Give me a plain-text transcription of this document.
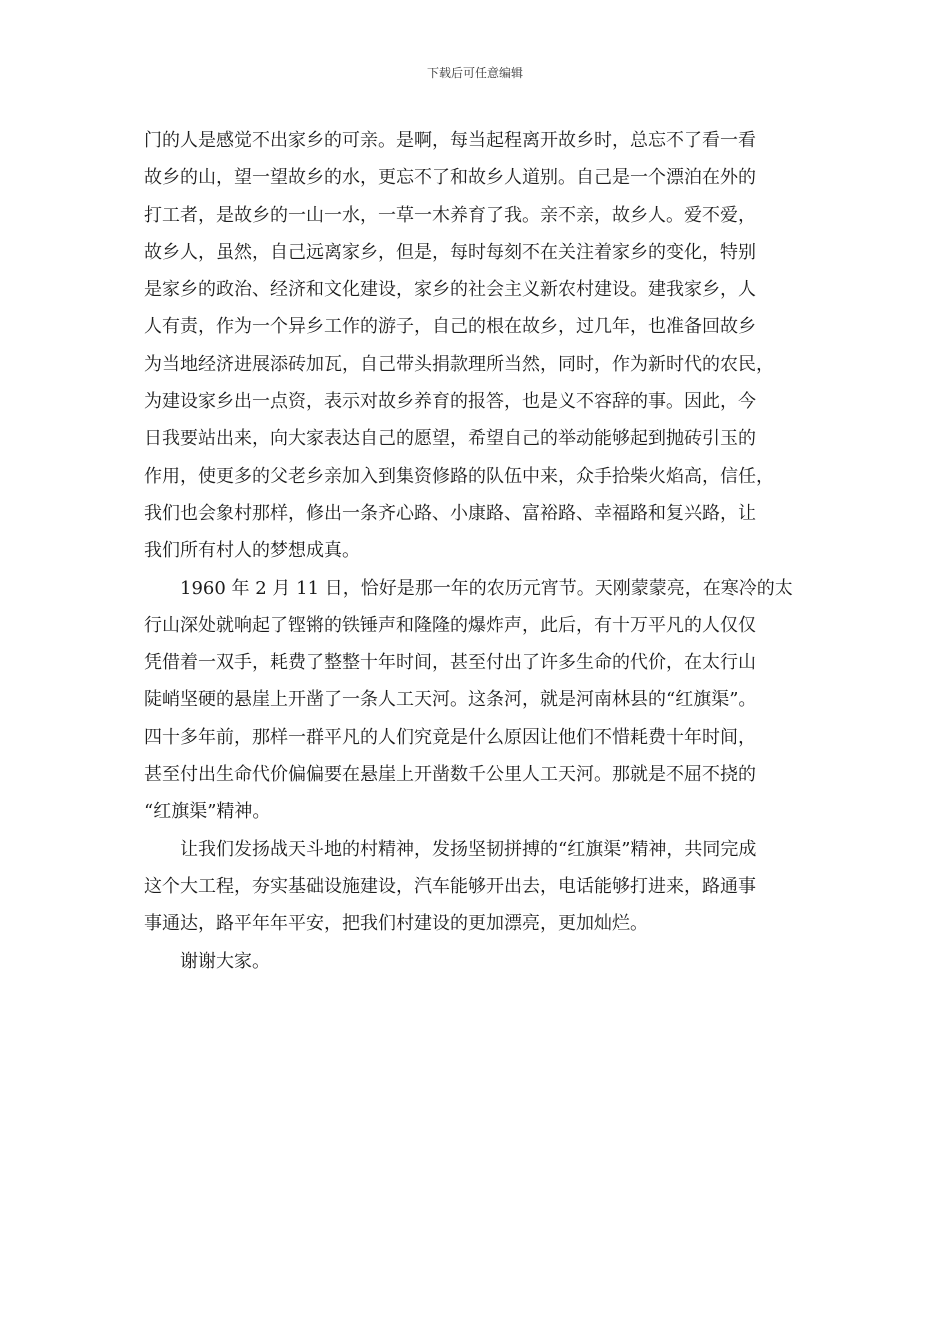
下载后可任意编辑
门的人是感觉不出家乡的可亲。是啊，每当起程离开故乡时，总忘不了看一看
故乡的山，望一望故乡的水，更忘不了和故乡人道别。自己是一个漂泊在外的
打工者，是故乡的一山一水，一草一木养育了我。亲不亲，故乡人。爱不爱，
故乡人，虽然，自己远离家乡，但是，每时每刻不在关注着家乡的变化，特别
是家乡的政治、经济和文化建设，家乡的社会主义新农村建设。建我家乡，人
人有责，作为一个异乡工作的游子，自己的根在故乡，过几年，也准备回故乡
为当地经济进展添砖加瓦，自己带头捐款理所当然，同时，作为新时代的农民，
为建设家乡出一点资，表示对故乡养育的报答，也是义不容辞的事。因此，今
日我要站出来，向大家表达自己的愿望，希望自己的举动能够起到抛砖引玉的
作用，使更多的父老乡亲加入到集资修路的队伍中来，众手拾柴火焰高，信任，
我们也会象村那样，修出一条齐心路、小康路、富裕路、幸福路和复兴路，让
我们所有村人的梦想成真。
　　1960 年 2 月 11 日，恰好是那一年的农历元宵节。天刚蒙蒙亮，在寒冷的太
行山深处就响起了铿锵的铁锤声和隆隆的爆炸声，此后，有十万平凡的人仅仅
凭借着一双手，耗费了整整十年时间，甚至付出了许多生命的代价，在太行山
陡峭坚硬的悬崖上开凿了一条人工天河。这条河，就是河南林县的“红旗渠”。
四十多年前，那样一群平凡的人们究竟是什么原因让他们不惜耗费十年时间，
甚至付出生命代价偏偏要在悬崖上开凿数千公里人工天河。那就是不屈不挠的
“红旗渠”精神。
　　让我们发扬战天斗地的村精神，发扬坚韧拼搏的“红旗渠”精神，共同完成
这个大工程，夯实基础设施建设，汽车能够开出去，电话能够打进来，路通事
事通达，路平年年平安，把我们村建设的更加漂亮，更加灿烂。
　　谢谢大家。
